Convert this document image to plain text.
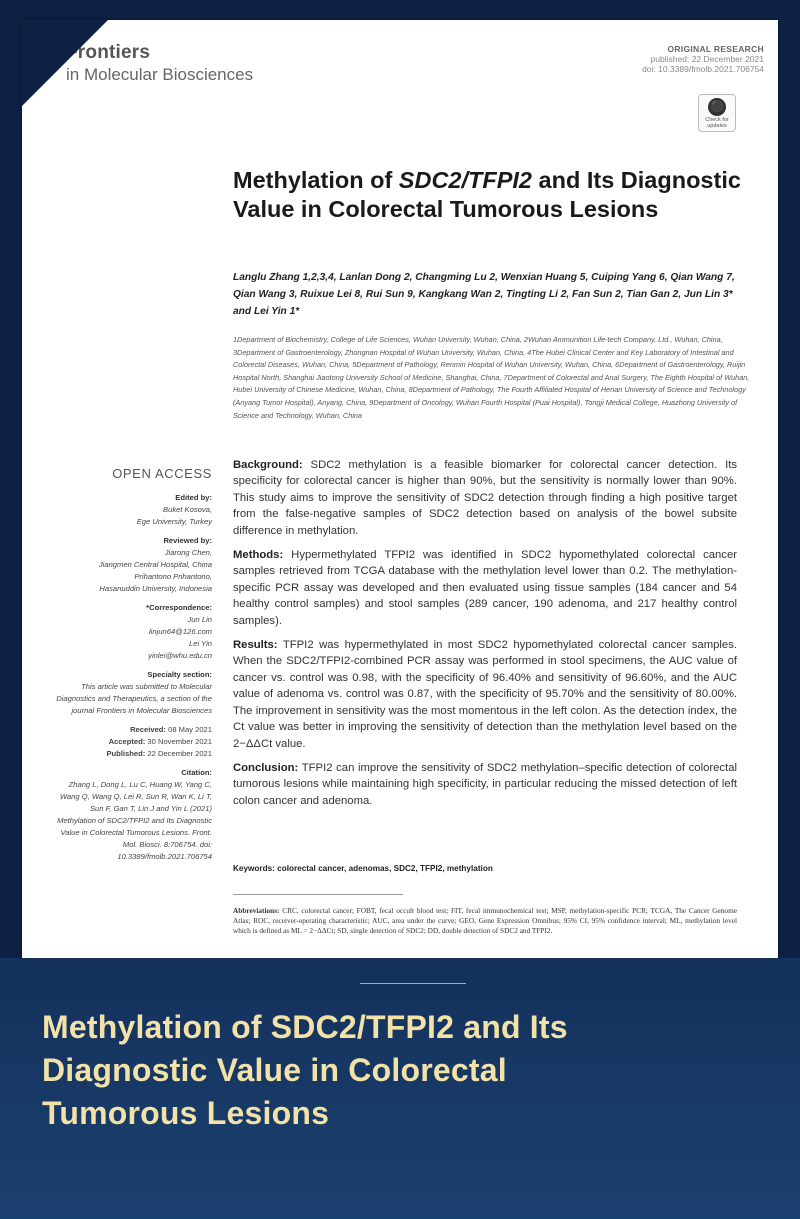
Frontiers
in Molecular Biosciences
ORIGINAL RESEARCH
published: 22 December 2021
doi: 10.3389/fmolb.2021.706754
⚫
Check for updates
Methylation of SDC2/TFPI2 and Its Diagnostic Value in Colorectal Tumorous Lesions
Langlu Zhang 1,2,3,4, Lanlan Dong 2, Changming Lu 2, Wenxian Huang 5, Cuiping Yang 6, Qian Wang 7, Qian Wang 3, Ruixue Lei 8, Rui Sun 9, Kangkang Wan 2, Tingting Li 2, Fan Sun 2, Tian Gan 2, Jun Lin 3* and Lei Yin 1*
1Department of Biochemistry, College of Life Sciences, Wuhan University, Wuhan, China, 2Wuhan Ammunition Life-tech Company, Ltd., Wuhan, China, 3Department of Gastroenterology, Zhongnan Hospital of Wuhan University, Wuhan, China, 4The Hubei Clinical Center and Key Laboratory of Intestinal and Colorectal Diseases, Wuhan, China, 5Department of Pathology, Renmin Hospital of Wuhan University, Wuhan, China, 6Department of Gastroenterology, Ruijin Hospital North, Shanghai Jiaotong University School of Medicine, Shanghai, China, 7Department of Colorectal and Anal Surgery, The Eighth Hospital of Wuhan, Hubei University of Chinese Medicine, Wuhan, China, 8Department of Pathology, The Fourth Affiliated Hospital of Henan University of Science and Technology (Anyang Tumor Hospital), Anyang, China, 9Department of Oncology, Wuhan Fourth Hospital (Puai Hospital), Tongji Medical College, Huazhong University of Science and Technology, Wuhan, China
OPEN ACCESS
Edited by:
Buket Kosova,
Ege University, Turkey
Reviewed by:
Jiarong Chen,
Jiangmen Central Hospital, China
Prihantono Prihantono,
Hasanuddin University, Indonesia
*Correspondence:
Jun Lin
linjun64@126.com
Lei Yin
yinlei@whu.edu.cn
Specialty section:
This article was submitted to Molecular Diagnostics and Therapeutics, a section of the journal Frontiers in Molecular Biosciences
Received: 08 May 2021
Accepted: 30 November 2021
Published: 22 December 2021
Citation:
Zhang L, Dong L, Lu C, Huang W, Yang C, Wang Q, Wang Q, Lei R, Sun R, Wan K, Li T, Sun F, Gan T, Lin J and Yin L (2021) Methylation of SDC2/TFPI2 and Its Diagnostic Value in Colorectal Tumorous Lesions. Front. Mol. Biosci. 8:706754. doi: 10.3389/fmolb.2021.706754

Background: SDC2 methylation is a feasible biomarker for colorectal cancer detection. Its specificity for colorectal cancer is higher than 90%, but the sensitivity is normally lower than 90%. This study aims to improve the sensitivity of SDC2 detection through finding a high positive target from the false-negative samples of SDC2 detection based on analysis of the bowel subsite difference in methylation.

Methods: Hypermethylated TFPI2 was identified in SDC2 hypomethylated colorectal cancer samples retrieved from TCGA database with the methylation level lower than 0.2. The methylation-specific PCR assay was developed and then evaluated using tissue samples (184 cancer and 54 healthy control samples) and stool samples (289 cancer, 190 adenoma, and 217 healthy control samples).

Results: TFPI2 was hypermethylated in most SDC2 hypomethylated colorectal cancer samples. When the SDC2/TFPI2-combined PCR assay was performed in stool specimens, the AUC value of cancer vs. control was 0.98, with the specificity of 96.40% and sensitivity of 96.60%, and the AUC value of adenoma vs. control was 0.87, with the specificity of 95.70% and the sensitivity of 80.00%. The improvement in sensitivity was the most momentous in the left colon. As the detection index, the Ct value was better in improving the sensitivity of detection than the methylation level based on the 2−ΔΔCt value.

Conclusion: TFPI2 can improve the sensitivity of SDC2 methylation–specific detection of colorectal tumorous lesions while maintaining high specificity, in particular reducing the missed detection of left colon cancer and adenoma.

Keywords: colorectal cancer, adenomas, SDC2, TFPI2, methylation
Abbreviations: CRC, colorectal cancer; FOBT, fecal occult blood test; FIT, fecal immunochemical test; MSP, methylation-specific PCR; TCGA, The Cancer Genome Atlas; ROC, receiver-operating characteristic; AUC, area under the curve; GEO, Gene Expression Omnibus; 95% CI, 95% confidence interval; ML, methylation level which is defined as ML = 2−ΔΔCt; SD, single detection of SDC2; DD, double detection of SDC2 and TFPI2.
Methylation of SDC2/TFPI2 and Its
Diagnostic Value in Colorectal
Tumorous Lesions
